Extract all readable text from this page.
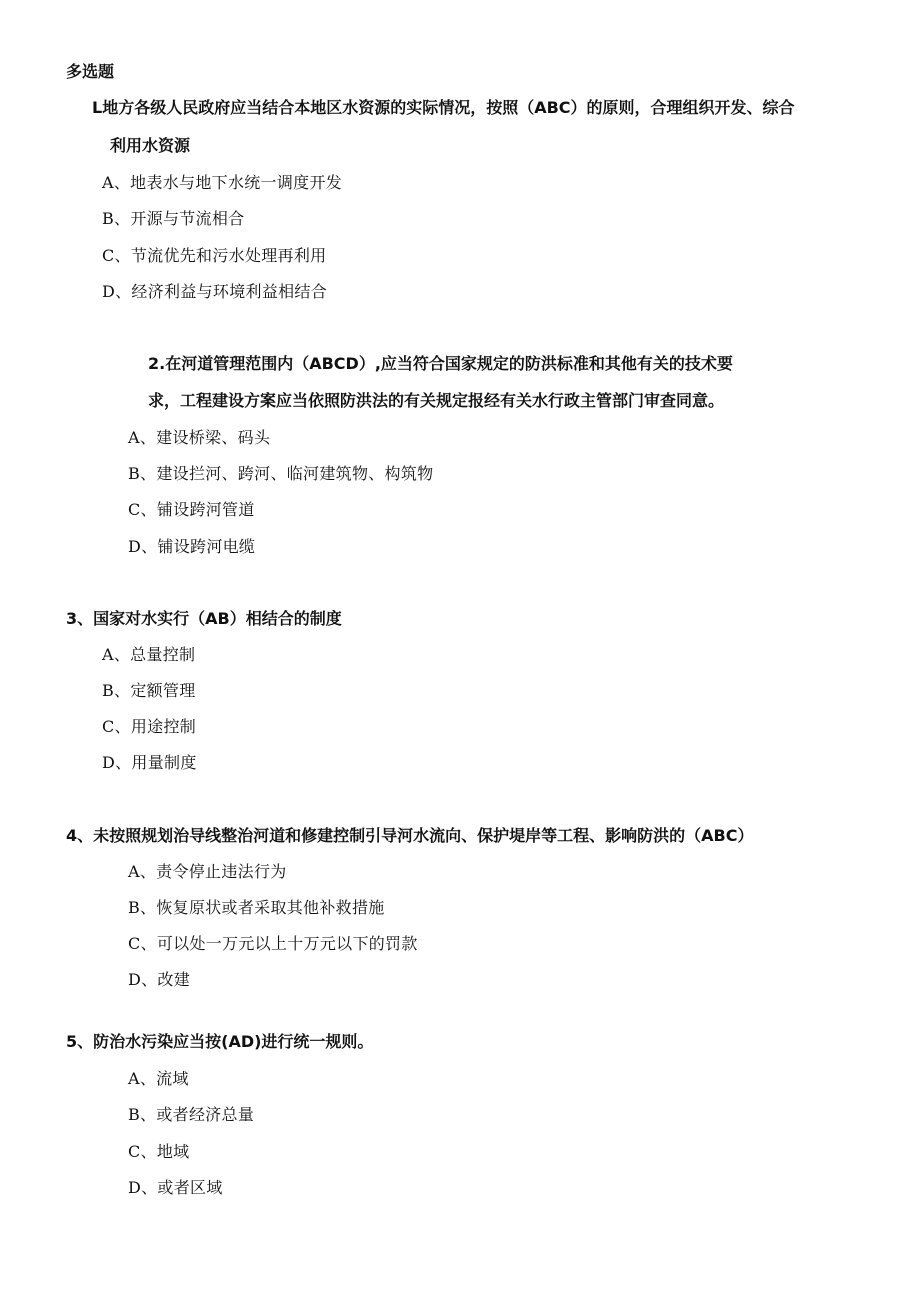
多选题
L地方各级人民政府应当结合本地区水资源的实际情况，按照（ABC）的原则，合理组织开发、综合
利用水资源
A、地表水与地下水统一调度开发
B、开源与节流相合
C、节流优先和污水处理再利用
D、经济利益与环境利益相结合
2.在河道管理范围内（ABCD）,应当符合国家规定的防洪标准和其他有关的技术要
求，工程建设方案应当依照防洪法的有关规定报经有关水行政主管部门审查同意。
A、建设桥梁、码头
B、建设拦河、跨河、临河建筑物、构筑物
C、铺设跨河管道
D、铺设跨河电缆
3、国家对水实行（AB）相结合的制度
A、总量控制
B、定额管理
C、用途控制
D、用量制度
4、未按照规划治导线整治河道和修建控制引导河水流向、保护堤岸等工程、影响防洪的（ABC）
A、责令停止违法行为
B、恢复原状或者采取其他补救措施
C、可以处一万元以上十万元以下的罚款
D、改建
5、防治水污染应当按(AD)进行统一规则。
A、流域
B、或者经济总量
C、地域
D、或者区域
